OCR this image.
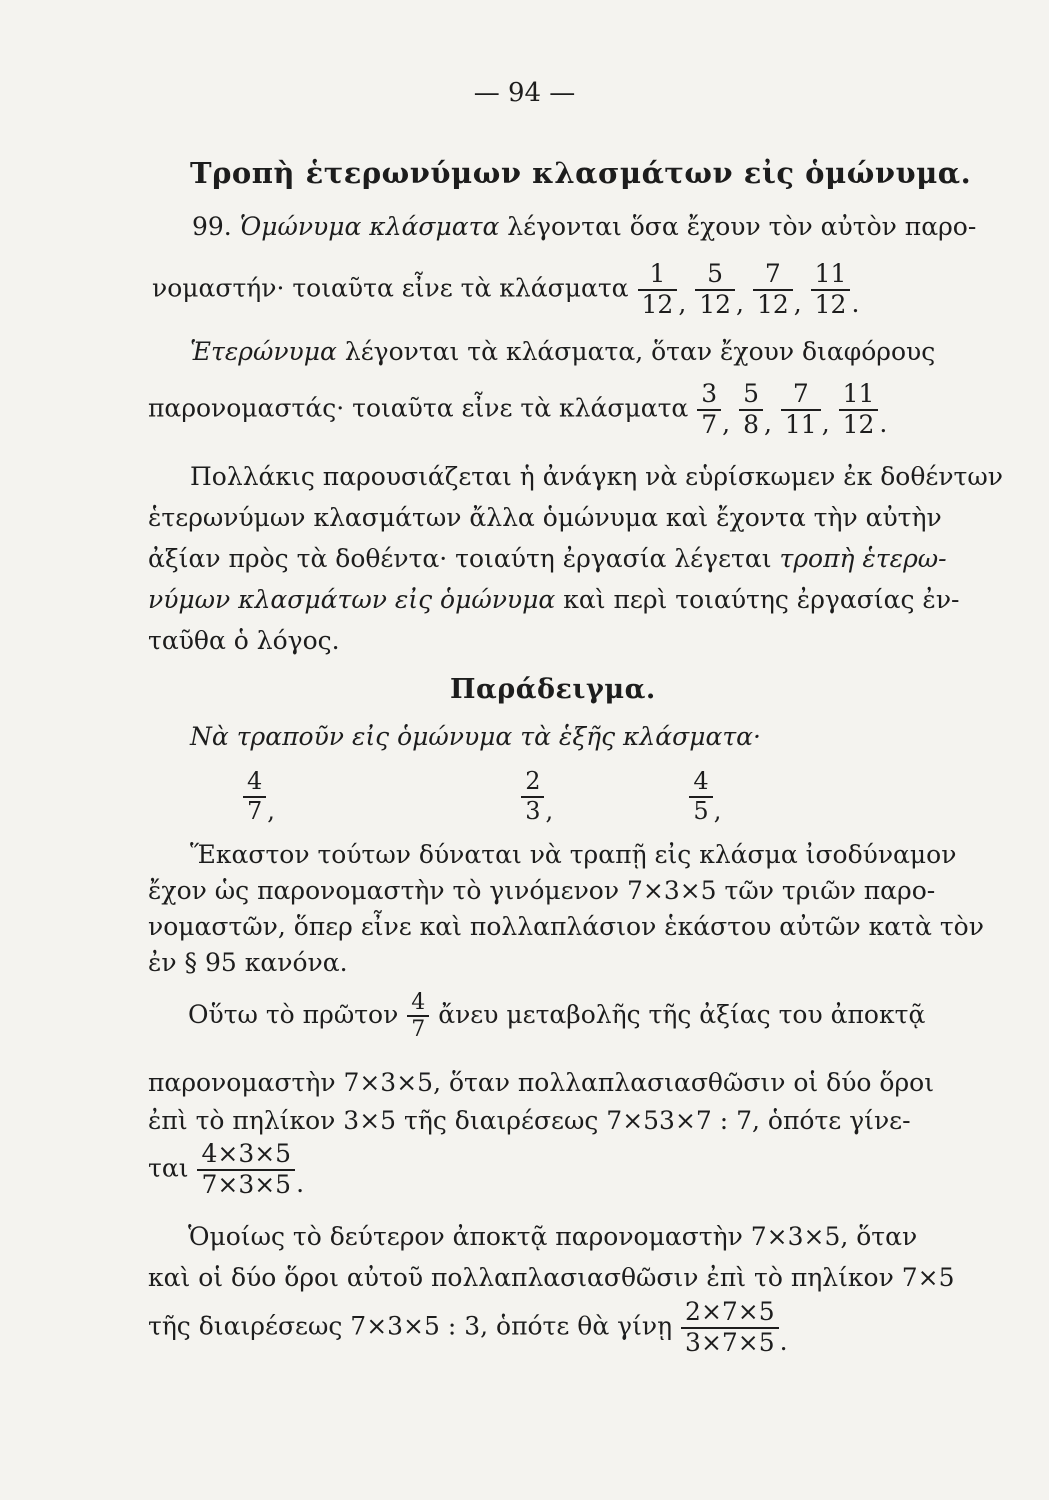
— 94 —
Τροπὴ ἑτερωνύμων κλασμάτων εἰς ὁμώνυμα.
99. Ὁμώνυμα κλάσματα λέγονται ὅσα ἔχουν τὸν αὐτὸν παρο-
νομαστήν· τοιαῦτα εἶνε τὰ κλάσματα $\frac{1}{12}$ , $\frac{5}{12}$ , $\frac{7}{12}$ , $\frac{11}{12}$ .
Ἑτερώνυμα λέγονται τὰ κλάσματα, ὅταν ἔχουν διαφόρους
παρονομαστάς· τοιαῦτα εἶνε τὰ κλάσματα $\frac{3}{7}$ , $\frac{5}{8}$ , $\frac{7}{11}$ , $\frac{11}{12}$ .
Πολλάκις παρουσιάζεται ἡ ἀνάγκη νὰ εὑρίσκωμεν ἐκ δοθέντων
ἑτερωνύμων κλασμάτων ἄλλα ὁμώνυμα καὶ ἔχοντα τὴν αὐτὴν
ἀξίαν πρὸς τὰ δοθέντα· τοιαύτη ἐργασία λέγεται τροπὴ ἑτερω-
νύμων κλασμάτων εἰς ὁμώνυμα καὶ περὶ τοιαύτης ἐργασίας ἐν-
ταῦθα ὁ λόγος.
Παράδειγμα.
Νὰ τραποῦν εἰς ὁμώνυμα τὰ ἑξῆς κλάσματα·
$\frac{4}{7}$ ,	$\frac{2}{3}$ ,	$\frac{4}{5}$ ,
Ἕκαστον τούτων δύναται νὰ τραπῇ εἰς κλάσμα ἰσοδύναμον
ἔχον ὡς παρονομαστὴν τὸ γινόμενον 7×3×5 τῶν τριῶν παρο-
νομαστῶν, ὅπερ εἶνε καὶ πολλαπλάσιον ἑκάστου αὐτῶν κατὰ τὸν
ἐν § 95 κανόνα.
Οὕτω τὸ πρῶτον $\frac{4}{7}$ ἄνευ μεταβολῆς τῆς ἀξίας του ἀποκτᾷ
παρονομαστὴν 7×3×5, ὅταν πολλαπλασιασθῶσιν οἱ δύο ὅροι
ἐπὶ τὸ πηλίκον 3×5 τῆς διαιρέσεως 7×53×7 : 7, ὁπότε γίνε-
ται $\frac{4\times 3\times 5}{7\times 3\times 5}$ .
Ὁμοίως τὸ δεύτερον ἀποκτᾷ παρονομαστὴν 7×3×5, ὅταν
καὶ οἱ δύο ὅροι αὐτοῦ πολλαπλασιασθῶσιν ἐπὶ τὸ πηλίκον 7×5
τῆς διαιρέσεως 7×3×5 : 3, ὁπότε θὰ γίνῃ $\frac{2\times 7\times 5}{3\times 7\times 5}$ .
